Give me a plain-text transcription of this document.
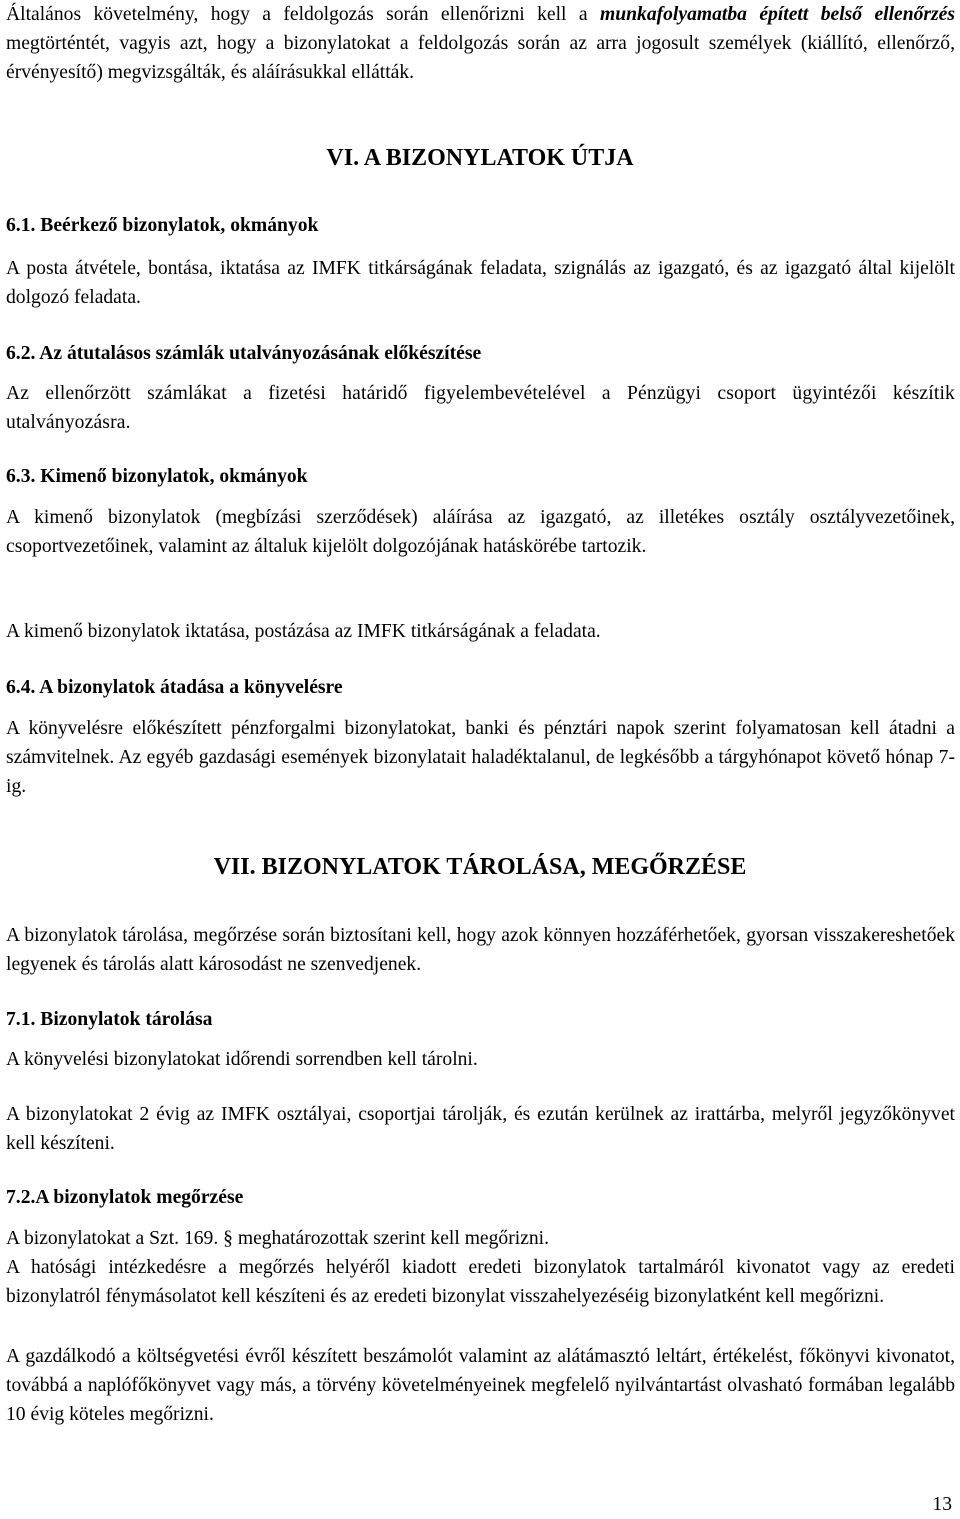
Általános követelmény, hogy a feldolgozás során ellenőrizni kell a munkafolyamatba épített belső ellenőrzés megtörténtét, vagyis azt, hogy a bizonylatokat a feldolgozás során az arra jogosult személyek (kiállító, ellenőrző, érvényesítő) megvizsgálták, és aláírásukkal ellátták.

VI. A BIZONYLATOK ÚTJA

6.1. Beérkező bizonylatok, okmányok

A posta átvétele, bontása, iktatása az IMFK titkárságának feladata, szignálás az igazgató, és az igazgató által kijelölt dolgozó feladata.

6.2. Az átutalásos számlák utalványozásának előkészítése

Az ellenőrzött számlákat a fizetési határidő figyelembevételével a Pénzügyi csoport ügyintézői készítik utalványozásra.

6.3. Kimenő bizonylatok, okmányok

A kimenő bizonylatok (megbízási szerződések) aláírása az igazgató, az illetékes osztály osztályvezetőinek, csoportvezetőinek, valamint az általuk kijelölt dolgozójának hatáskörébe tartozik.

A kimenő bizonylatok iktatása, postázása az IMFK titkárságának a feladata.

6.4. A bizonylatok átadása a könyvelésre

A könyvelésre előkészített pénzforgalmi bizonylatokat, banki és pénztári napok szerint folyamatosan kell átadni a számvitelnek. Az egyéb gazdasági események bizonylatait haladéktalanul, de legkésőbb a tárgyhónapot követő hónap 7-ig.

VII. BIZONYLATOK TÁROLÁSA, MEGŐRZÉSE

A bizonylatok tárolása, megőrzése során biztosítani kell, hogy azok könnyen hozzáférhetőek, gyorsan visszakereshetőek legyenek és tárolás alatt károsodást ne szenvedjenek.

7.1. Bizonylatok tárolása

A könyvelési bizonylatokat időrendi sorrendben kell tárolni.

A bizonylatokat 2 évig az IMFK osztályai, csoportjai tárolják, és ezután kerülnek az irattárba, melyről jegyzőkönyvet kell készíteni.

7.2.A bizonylatok megőrzése

A bizonylatokat a Szt. 169. § meghatározottak szerint kell megőrizni.

A hatósági intézkedésre a megőrzés helyéről kiadott eredeti bizonylatok tartalmáról kivonatot vagy az eredeti bizonylatról fénymásolatot kell készíteni és az eredeti bizonylat visszahelyezéséig bizonylatként kell megőrizni.

A gazdálkodó a költségvetési évről készített beszámolót valamint az alátámasztó leltárt, értékelést, főkönyvi kivonatot, továbbá a naplófőkönyvet vagy más, a törvény követelményeinek megfelelő nyilvántartást olvasható formában legalább 10 évig köteles megőrizni.

13
